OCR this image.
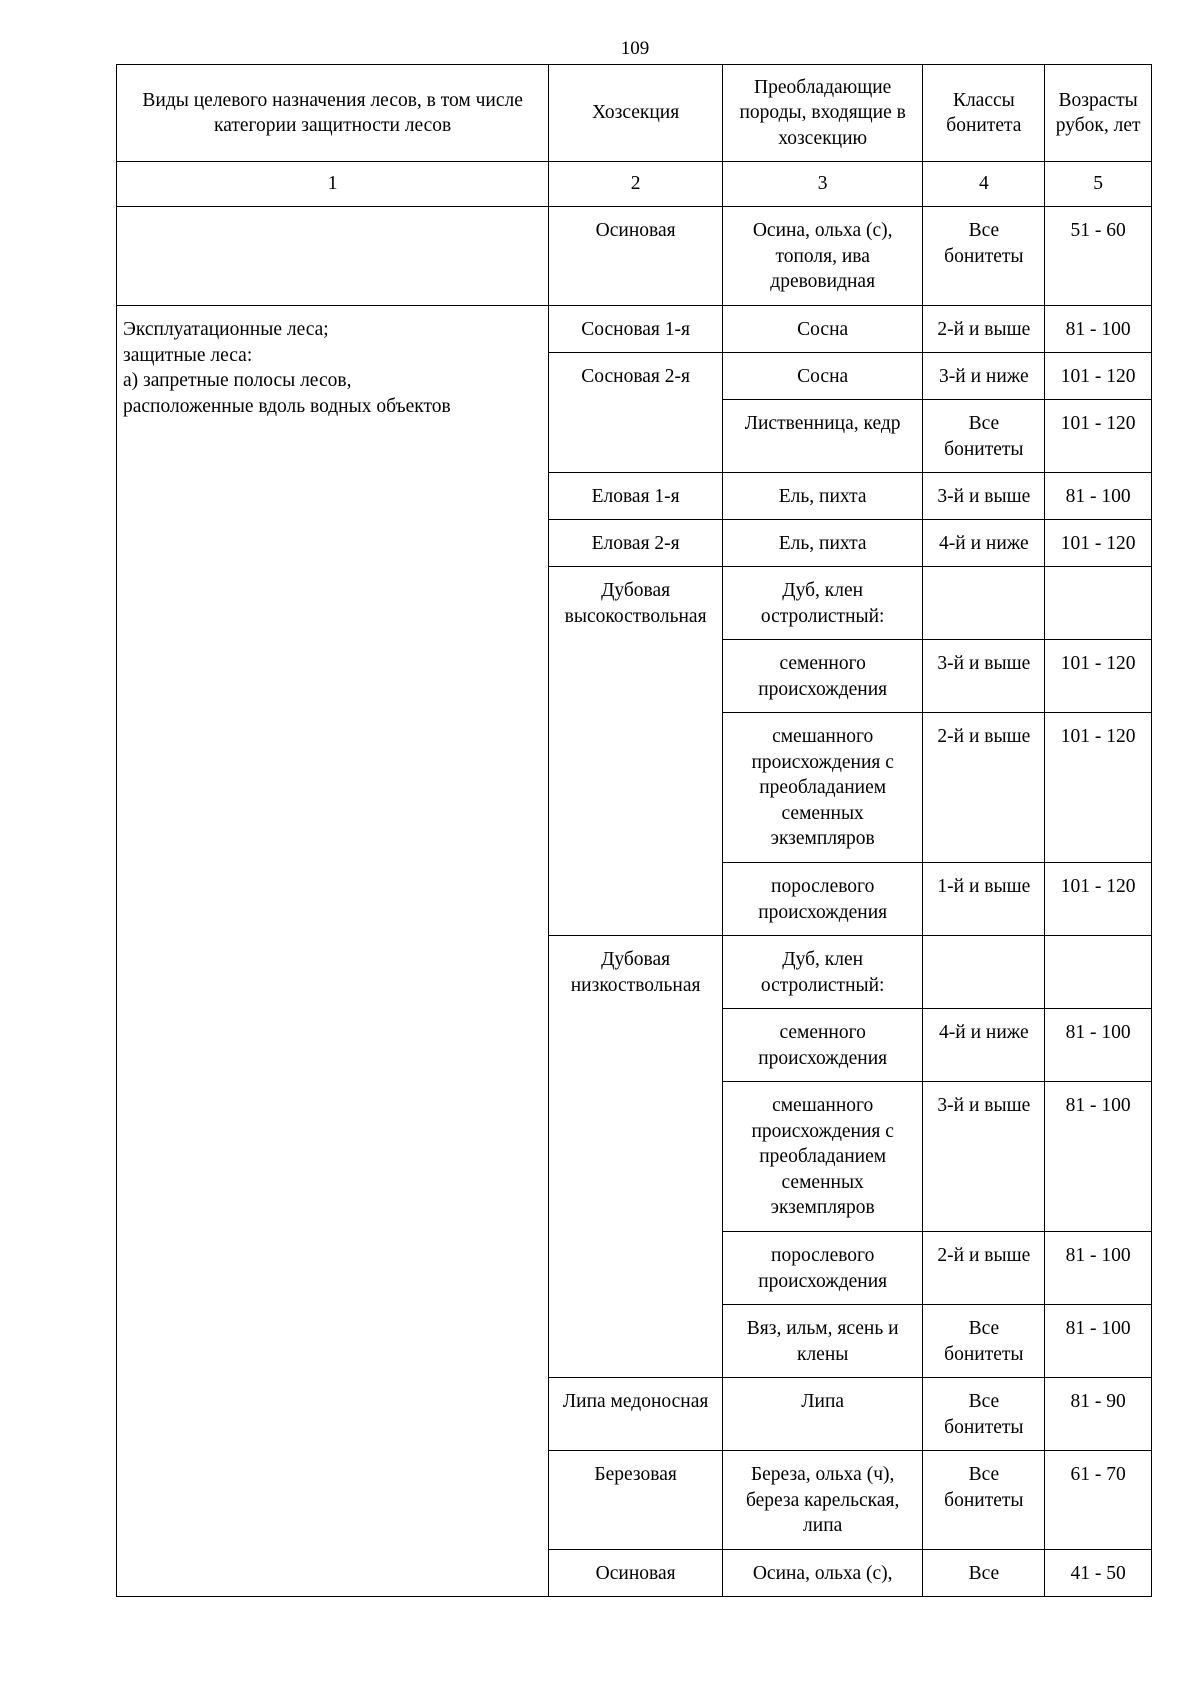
109
Виды целевого назначения лесов, в том числе категории защитности лесов	Хозсекция	Преобладающие породы, входящие в хозсекцию	Классы бонитета	Возрасты рубок, лет
1	2	3	4	5
	Осиновая	Осина, ольха (с), тополя, ива древовидная	Все бонитеты	51 - 60

Эксплуатационные леса;
защитные леса:
а) запретные полосы лесов,
расположенные вдоль водных объектов	Сосновая 1-я	Сосна	2-й и выше	81 - 100
	Сосновая 2-я	Сосна	3-й и ниже	101 - 120
		Лиственница, кедр	Все бонитеты	101 - 120
	Еловая 1-я	Ель, пихта	3-й и выше	81 - 100
	Еловая 2-я	Ель, пихта	4-й и ниже	101 - 120
	Дубовая высокоствольная	Дуб, клен остролистный:		
		семенного происхождения	3-й и выше	101 - 120
		смешанного происхождения с преобладанием семенных экземпляров	2-й и выше	101 - 120
		порослевого происхождения	1-й и выше	101 - 120
	Дубовая низкоствольная	Дуб, клен остролистный:		
		семенного происхождения	4-й и ниже	81 - 100
		смешанного происхождения с преобладанием семенных экземпляров	3-й и выше	81 - 100
		порослевого происхождения	2-й и выше	81 - 100
		Вяз, ильм, ясень и клены	Все бонитеты	81 - 100
	Липа медоносная	Липа	Все бонитеты	81 - 90
	Березовая	Береза, ольха (ч), береза карельская, липа	Все бонитеты	61 - 70
	Осиновая	Осина, ольха (с),	Все	41 - 50
